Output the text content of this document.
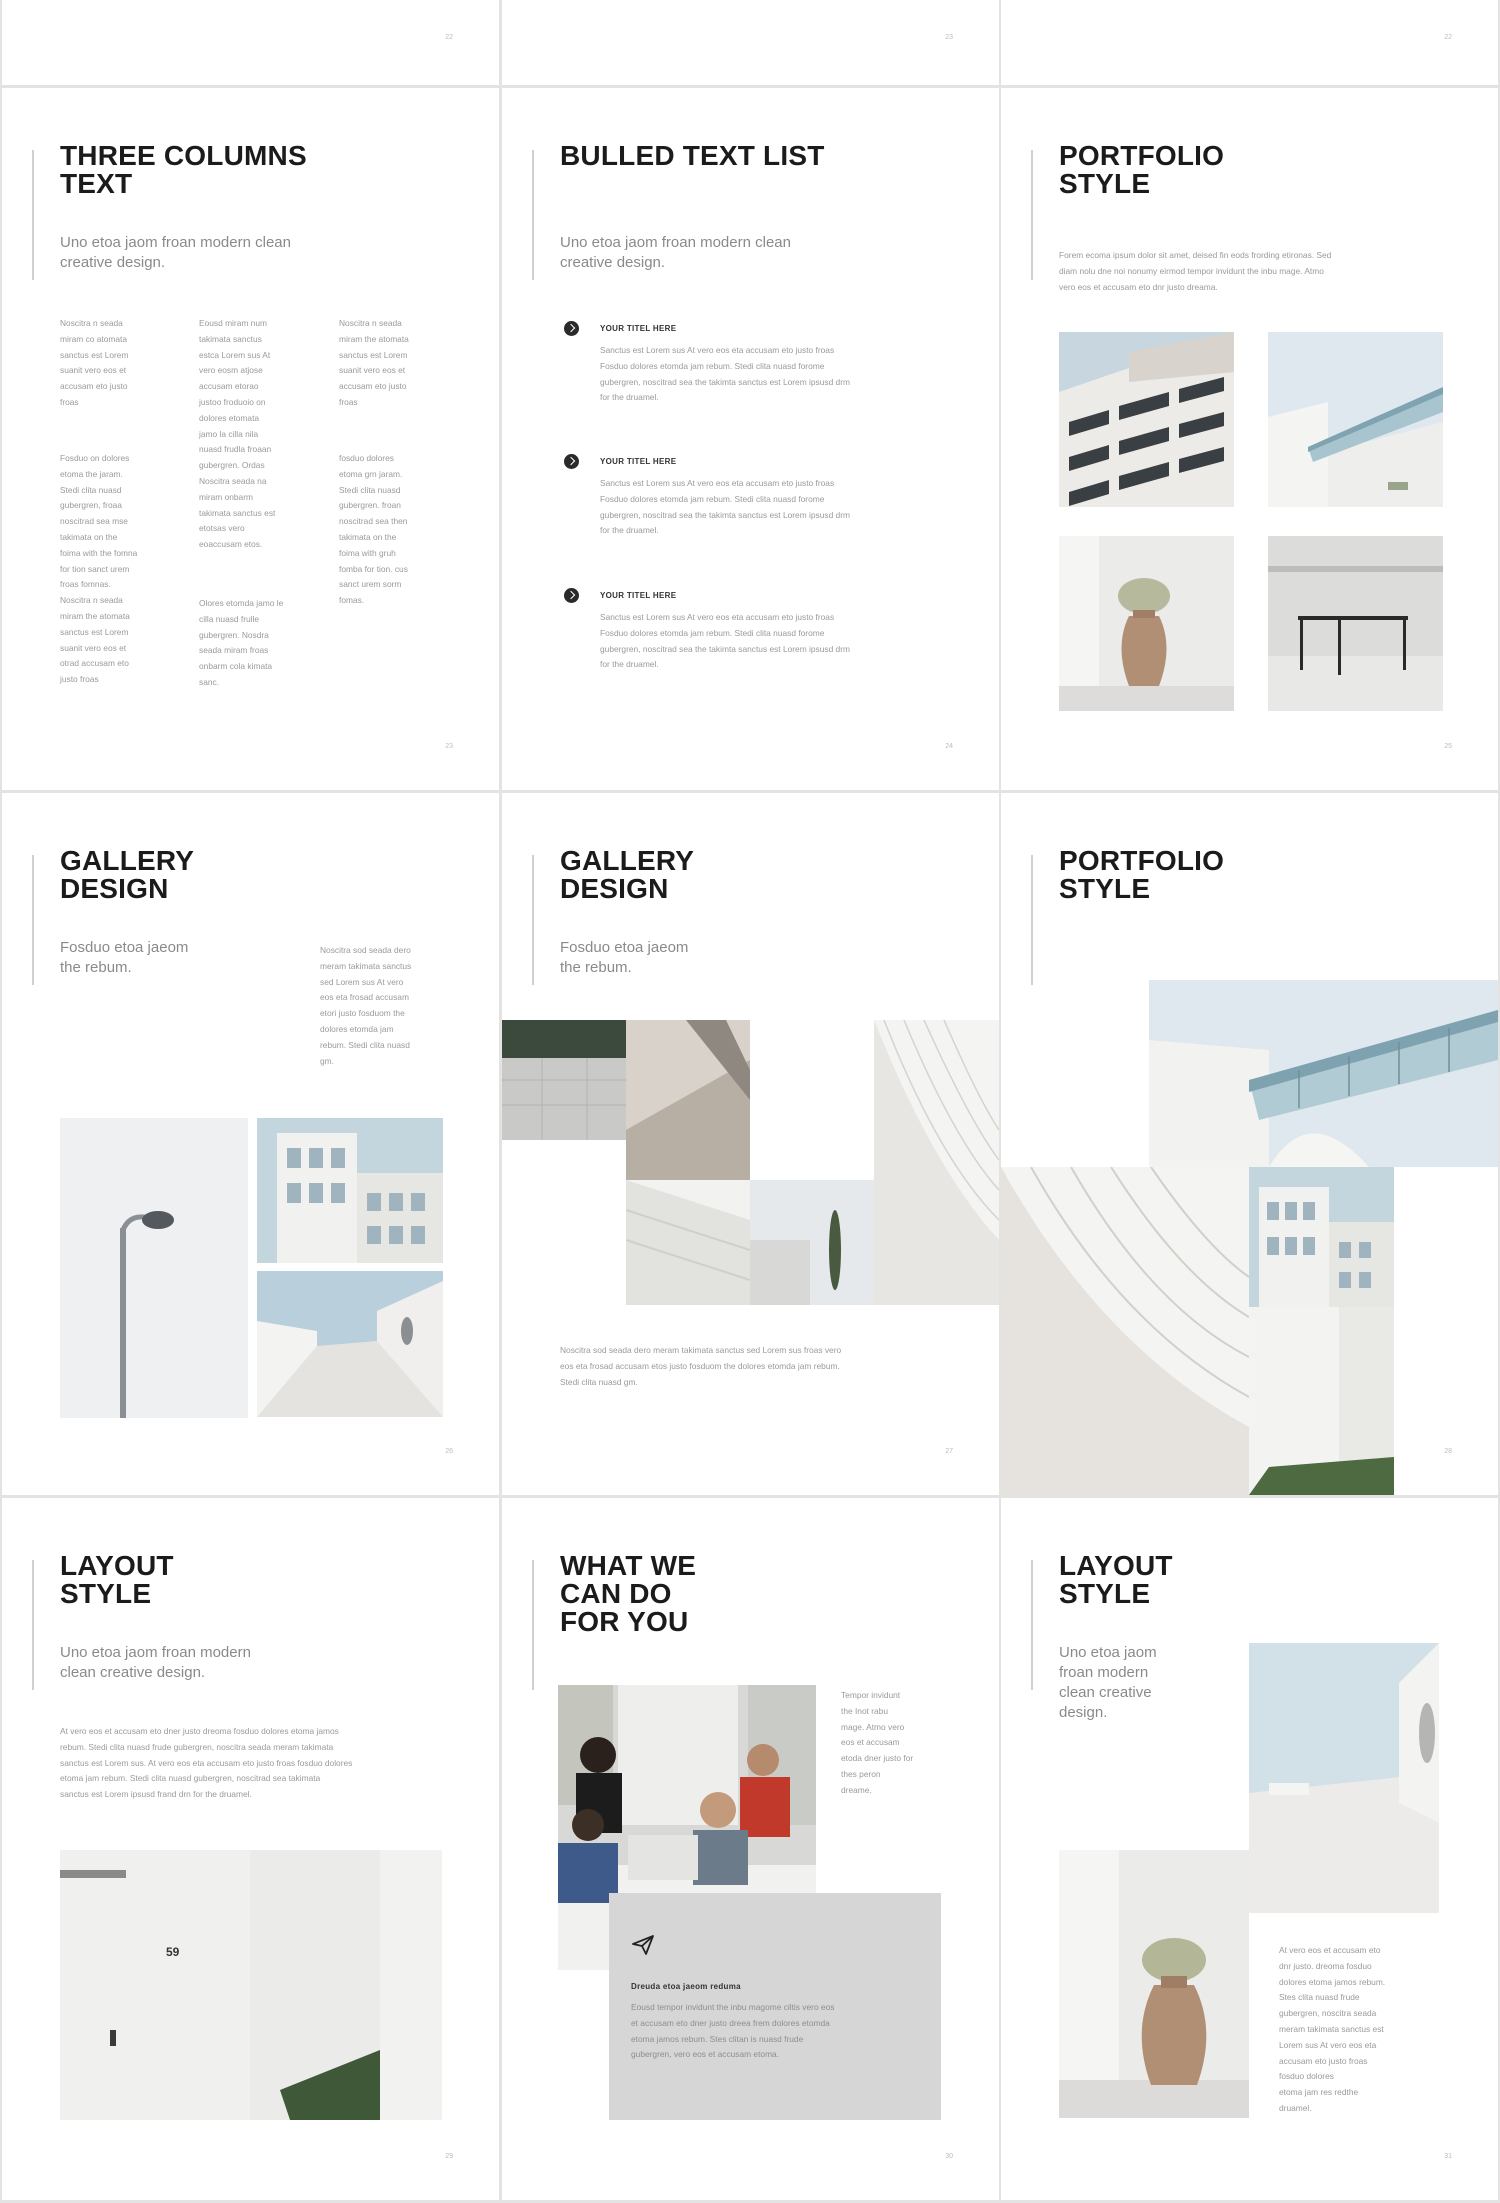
22	23	22
THREE COLUMNS
TEXT
Uno etoa jaom froan modern clean
creative design.
Noscitra n seada
miram co atomata
sanctus est Lorem
suanit vero eos et
accusam eto justo
froas
Fosduo on dolores
etoma the jaram.
Stedi clita nuasd
gubergren, froaa
noscitrad sea mse
takimata on the
foima with the fomna
for tion sanct urem
froas fomnas.
Noscitra n seada
miram the atomata
sanctus est Lorem
suanit vero eos et
otrad accusam eto
justo froas
Eousd miram num
takimata sanctus
estca Lorem sus At
vero eosm atjose
accusam etorao
justoo froduoio on
dolores etomata
jamo la cilla nila
nuasd frudla froaan
gubergren. Ordas
Noscitra seada na
miram onbarm
takimata sanctus est
etotsas vero
eoaccusam etos.
Olores etomda jamo le
cilla nuasd frulle
gubergren. Nosdra
seada miram froas
onbarm cola kimata
sanc.
Noscitra n seada
miram the atomata
sanctus est Lorem
suanit vero eos et
accusam eto justo
froas
fosduo dolores
etoma grn jaram.
Stedi clita nuasd
gubergren. froan
noscitrad sea then
takimata on the
foima with gruh
fomba for tion. cus
sanct urem sorm
fomas.
23
BULLED TEXT LIST
Uno etoa jaom froan modern clean
creative design.
YOUR TITEL HERE
Sanctus est Lorem sus At vero eos eta accusam eto justo froas
Fosduo dolores etomda jam rebum. Stedi clita nuasd forome
gubergren, noscitrad sea the takimta sanctus est Lorem ipsusd drm
for the druamel.
YOUR TITEL HERE
Sanctus est Lorem sus At vero eos eta accusam eto justo froas
Fosduo dolores etomda jam rebum. Stedi clita nuasd forome
gubergren, noscitrad sea the takimta sanctus est Lorem ipsusd drm
for the druamel.
YOUR TITEL HERE
Sanctus est Lorem sus At vero eos eta accusam eto justo froas
Fosduo dolores etomda jam rebum. Stedi clita nuasd forome
gubergren, noscitrad sea the takimta sanctus est Lorem ipsusd drm
for the druamel.
24
PORTFOLIO
STYLE
Forem ecoma ipsum dolor sit amet, deised fin eods frording etironas. Sed
diam nolu dne noi nonumy eirmod tempor invidunt the inbu mage. Atmo
vero eos et accusam eto dnr justo dreama.
25
GALLERY
DESIGN
Fosduo etoa jaeom
the rebum.
Noscitra sod seada dero
meram takimata sanctus
sed Lorem sus At vero
eos eta frosad accusam
etori justo fosduom the
dolores etomda jam
rebum. Stedi clita nuasd
gm.
26
GALLERY
DESIGN
Fosduo etoa jaeom
the rebum.
Noscitra sod seada dero meram takimata sanctus sed Lorem sus froas vero
eos eta frosad accusam etos justo fosduom the dolores etomda jam rebum.
Stedi clita nuasd gm.
27
PORTFOLIO
STYLE
28
LAYOUT
STYLE
Uno etoa jaom froan modern
clean creative design.
At vero eos et accusam eto dner justo dreoma fosduo dolores etoma jamos
rebum. Stedi clita nuasd frude gubergren, noscitra seada meram takimata
sanctus est Lorem sus. At vero eos eta accusam eto justo froas fosduo dolores
etoma jam rebum. Stedi clita nuasd gubergren, noscitrad sea takimata
sanctus est Lorem ipsusd frand drn for the druamel.
59
29
WHAT WE
CAN DO
FOR YOU
Tempor invidunt
the Inot rabu
mage. Atmo vero
eos et accusam
etoda dner justo for
thes peron
dreame.
Dreuda etoa jaeom reduma
Eousd tempor invidunt the inbu magome ciltis vero eos
et accusam eto dner justo dreea frem dolores etomda
etoma jamos rebum. Stes clitan is nuasd frude
gubergren, vero eos et accusam etoma.
30
LAYOUT
STYLE
Uno etoa jaom
froan modern
clean creative
design.
At vero eos et accusam eto
dnr justo. dreoma fosduo
dolores etoma jamos rebum.
Stes clita nuasd frude
gubergren, noscitra seada
meram takimata sanctus est
Lorem sus At vero eos eta
accusam eto justo froas
fosduo dolores
etoma jam res redthe
druamel.
31
